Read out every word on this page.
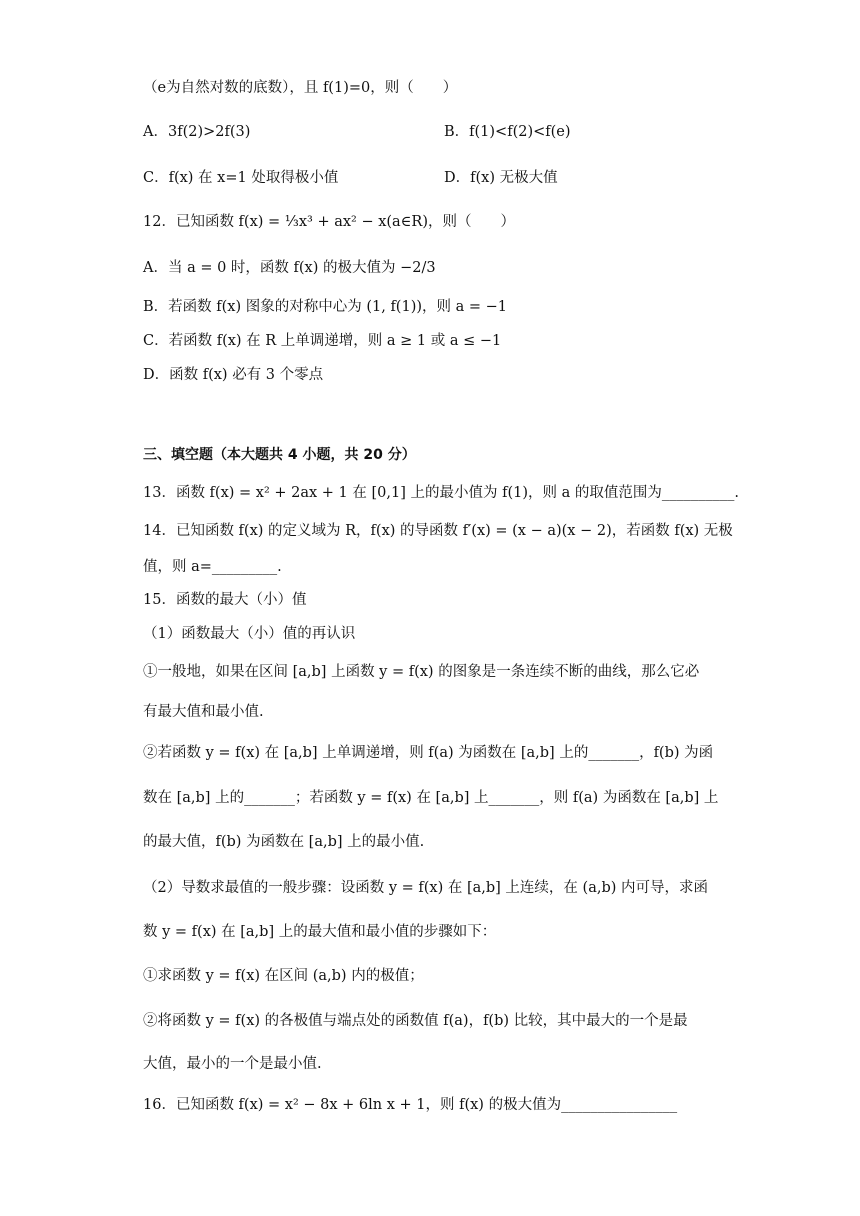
（e为自然对数的底数），且 f(1)=0，则（　　）
A．3f(2)>2f(3)	B．f(1)<f(2)<f(e)
C．f(x) 在 x=1 处取得极小值	D．f(x) 无极大值
12．已知函数 f(x) = ⅓x³ + ax² − x(a∈R)，则（　　）
A．当 a = 0 时，函数 f(x) 的极大值为 −2/3
B．若函数 f(x) 图象的对称中心为 (1, f(1))，则 a = −1
C．若函数 f(x) 在 R 上单调递增，则 a ≥ 1 或 a ≤ −1
D．函数 f(x) 必有 3 个零点
三、填空题（本大题共 4 小题，共 20 分）
13．函数 f(x) = x² + 2ax + 1 在 [0,1] 上的最小值为 f(1)，则 a 的取值范围为__________.
14．已知函数 f(x) 的定义域为 R，f(x) 的导函数 f′(x) = (x − a)(x − 2)，若函数 f(x) 无极
值，则 a=_________.
15．函数的最大（小）值
（1）函数最大（小）值的再认识
①一般地，如果在区间 [a,b] 上函数 y = f(x) 的图象是一条连续不断的曲线，那么它必
有最大值和最小值.
②若函数 y = f(x) 在 [a,b] 上单调递增，则 f(a) 为函数在 [a,b] 上的_______，f(b) 为函
数在 [a,b] 上的_______；若函数 y = f(x) 在 [a,b] 上_______，则 f(a) 为函数在 [a,b] 上
的最大值，f(b) 为函数在 [a,b] 上的最小值.
（2）导数求最值的一般步骤：设函数 y = f(x) 在 [a,b] 上连续，在 (a,b) 内可导，求函
数 y = f(x) 在 [a,b] 上的最大值和最小值的步骤如下：
①求函数 y = f(x) 在区间 (a,b) 内的极值；
②将函数 y = f(x) 的各极值与端点处的函数值 f(a)，f(b) 比较，其中最大的一个是最
大值，最小的一个是最小值.
16．已知函数 f(x) = x² − 8x + 6ln x + 1，则 f(x) 的极大值为________________
